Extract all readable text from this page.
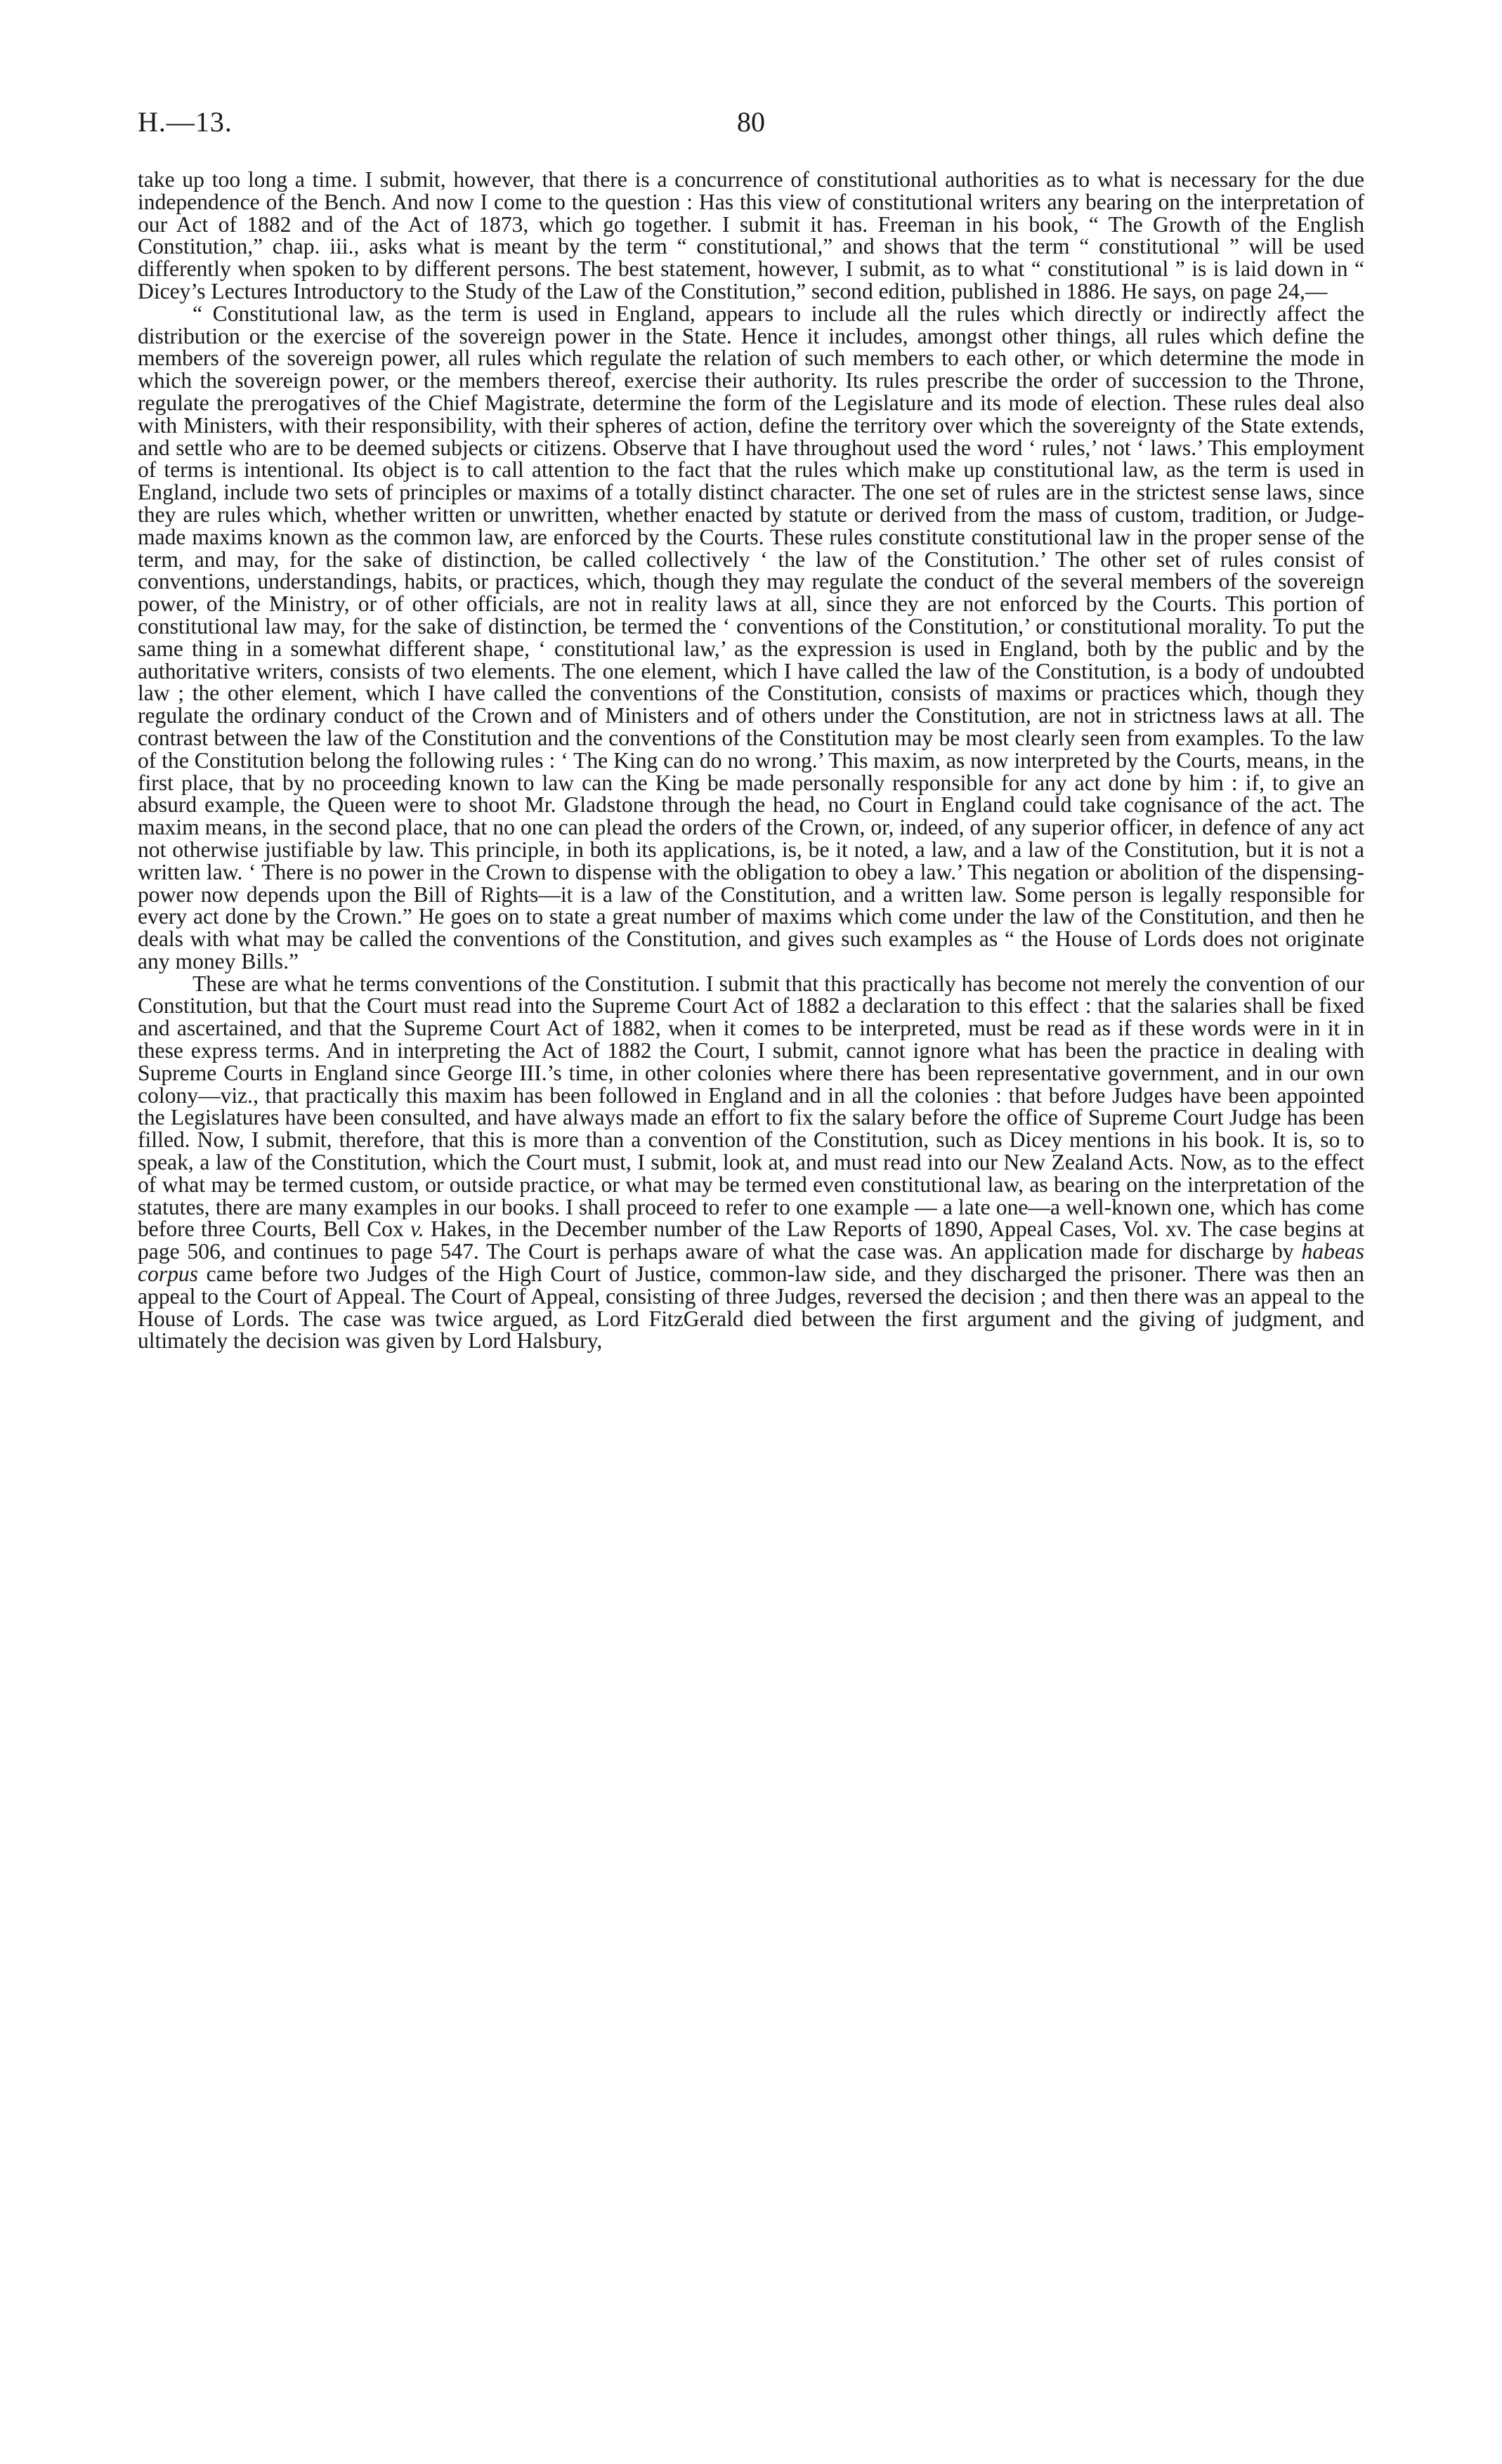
H.—13.	80

take up too long a time. I submit, however, that there is a concurrence of constitutional authorities as to what is necessary for the due independence of the Bench. And now I come to the question : Has this view of constitutional writers any bearing on the interpretation of our Act of 1882 and of the Act of 1873, which go together. I submit it has. Freeman in his book, “ The Growth of the English Constitution,” chap. iii., asks what is meant by the term “ constitutional,” and shows that the term “ constitutional ” will be used differently when spoken to by different persons. The best statement, however, I submit, as to what “ constitutional ” is is laid down in “ Dicey’s Lectures Introductory to the Study of the Law of the Constitution,” second edition, published in 1886. He says, on page 24,—

“ Constitutional law, as the term is used in England, appears to include all the rules which directly or indirectly affect the distribution or the exercise of the sovereign power in the State. Hence it includes, amongst other things, all rules which define the members of the sovereign power, all rules which regulate the relation of such members to each other, or which determine the mode in which the sovereign power, or the members thereof, exercise their authority. Its rules prescribe the order of succession to the Throne, regulate the prerogatives of the Chief Magistrate, determine the form of the Legislature and its mode of election. These rules deal also with Ministers, with their responsibility, with their spheres of action, define the territory over which the sovereignty of the State extends, and settle who are to be deemed subjects or citizens. Observe that I have throughout used the word ‘ rules,’ not ‘ laws.’ This employment of terms is intentional. Its object is to call attention to the fact that the rules which make up constitutional law, as the term is used in England, include two sets of principles or maxims of a totally distinct character. The one set of rules are in the strictest sense laws, since they are rules which, whether written or unwritten, whether enacted by statute or derived from the mass of custom, tradition, or Judge-made maxims known as the common law, are enforced by the Courts. These rules constitute constitutional law in the proper sense of the term, and may, for the sake of distinction, be called collectively ‘ the law of the Constitution.’ The other set of rules consist of conventions, understandings, habits, or practices, which, though they may regulate the conduct of the several members of the sovereign power, of the Ministry, or of other officials, are not in reality laws at all, since they are not enforced by the Courts. This portion of constitutional law may, for the sake of distinction, be termed the ‘ conventions of the Constitution,’ or constitutional morality. To put the same thing in a somewhat different shape, ‘ constitutional law,’ as the expression is used in England, both by the public and by the authoritative writers, consists of two elements. The one element, which I have called the law of the Constitution, is a body of undoubted law ; the other element, which I have called the conventions of the Constitution, consists of maxims or practices which, though they regulate the ordinary conduct of the Crown and of Ministers and of others under the Constitution, are not in strictness laws at all. The contrast between the law of the Constitution and the conventions of the Constitution may be most clearly seen from examples. To the law of the Constitution belong the following rules : ‘ The King can do no wrong.’ This maxim, as now interpreted by the Courts, means, in the first place, that by no proceeding known to law can the King be made personally responsible for any act done by him : if, to give an absurd example, the Queen were to shoot Mr. Gladstone through the head, no Court in England could take cognisance of the act. The maxim means, in the second place, that no one can plead the orders of the Crown, or, indeed, of any superior officer, in defence of any act not otherwise justifiable by law. This principle, in both its applications, is, be it noted, a law, and a law of the Constitution, but it is not a written law. ‘ There is no power in the Crown to dispense with the obligation to obey a law.’ This negation or abolition of the dispensing-power now depends upon the Bill of Rights—it is a law of the Constitution, and a written law. Some person is legally responsible for every act done by the Crown.” He goes on to state a great number of maxims which come under the law of the Constitution, and then he deals with what may be called the conventions of the Constitution, and gives such examples as “ the House of Lords does not originate any money Bills.”

These are what he terms conventions of the Constitution. I submit that this practically has become not merely the convention of our Constitution, but that the Court must read into the Supreme Court Act of 1882 a declaration to this effect : that the salaries shall be fixed and ascertained, and that the Supreme Court Act of 1882, when it comes to be interpreted, must be read as if these words were in it in these express terms. And in interpreting the Act of 1882 the Court, I submit, cannot ignore what has been the practice in dealing with Supreme Courts in England since George III.’s time, in other colonies where there has been representative government, and in our own colony—viz., that practically this maxim has been followed in England and in all the colonies : that before Judges have been appointed the Legislatures have been consulted, and have always made an effort to fix the salary before the office of Supreme Court Judge has been filled. Now, I submit, therefore, that this is more than a convention of the Constitution, such as Dicey mentions in his book. It is, so to speak, a law of the Constitution, which the Court must, I submit, look at, and must read into our New Zealand Acts. Now, as to the effect of what may be termed custom, or outside practice, or what may be termed even constitutional law, as bearing on the interpretation of the statutes, there are many examples in our books. I shall proceed to refer to one example — a late one—a well-known one, which has come before three Courts, Bell Cox v. Hakes, in the December number of the Law Reports of 1890, Appeal Cases, Vol. xv. The case begins at page 506, and continues to page 547. The Court is perhaps aware of what the case was. An application made for discharge by habeas corpus came before two Judges of the High Court of Justice, common-law side, and they discharged the prisoner. There was then an appeal to the Court of Appeal. The Court of Appeal, consisting of three Judges, reversed the decision ; and then there was an appeal to the House of Lords. The case was twice argued, as Lord FitzGerald died between the first argument and the giving of judgment, and ultimately the decision was given by Lord Halsbury,
